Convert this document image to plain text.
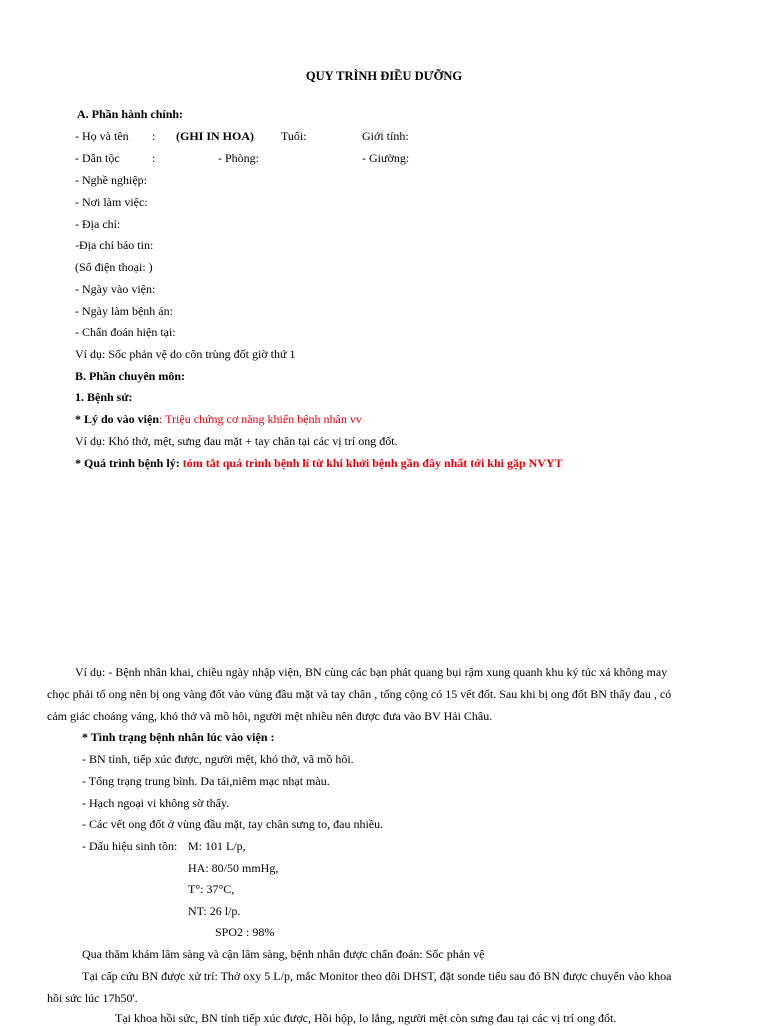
QUY TRÌNH ĐIỀU DƯỠNG
A. Phần hành chính:
- Họ và tên : (GHI IN HOA) Tuổi:	Giới tính:
- Dân tộc	:	- Phòng:	- Giường:
- Nghề nghiệp:
- Nơi làm việc:
- Địa chỉ:
-Địa chỉ báo tin:
(Số điện thoại: )
- Ngày vào viện:
- Ngày làm bệnh án:
- Chẩn đoán hiện tại:
Ví dụ: Sốc phản vệ do côn trùng đốt giờ thứ 1
B. Phần chuyên môn:
1. Bệnh sử:
* Lý do vào viện: Triệu chứng cơ năng khiến bệnh nhân vv
Ví dụ: Khó thở, mệt, sưng đau mặt + tay chân tại các vị trí ong đốt.
* Quá trình bệnh lý: tóm tắt quá trình bệnh lí từ khi khởi bệnh gần đây nhất tới khi gặp NVYT
Ví dụ: - Bệnh nhân khai, chiều ngày nhập viện, BN cùng các bạn phát quang bụi rậm xung quanh khu ký túc xá không may
chọc phải tổ ong nên bị ong vàng đốt vào vùng đầu mặt và tay chân , tổng cộng có 15 vết đốt. Sau khi bị ong đốt BN thấy đau , có
cảm giác choáng váng, khó thở vã mồ hôi, người mệt nhiều nên được đưa vào BV Hải Châu.
* Tình trạng bệnh nhân lúc vào viện :
- BN tỉnh, tiếp xúc được, người mệt, khó thở, vã mồ hôi.
- Tổng trạng trung bình. Da tái,niêm mạc nhạt màu.
- Hạch ngoại vi không sờ thấy.
- Các vết ong đốt ở vùng đầu mặt, tay chân sưng to, đau nhiều.
- Dấu hiệu sinh tồn: M: 101 L/p,
HA: 80/50 mmHg,
T°: 37°C,
NT: 26 l/p.
SPO2 : 98%
Qua thăm khám lâm sàng và cận lâm sàng, bệnh nhân được chẩn đoán: Sốc phản vệ
Tại cấp cứu BN được xử trí: Thở oxy 5 L/p, mắc Monitor theo dõi DHST, đặt sonde tiểu sau đó BN được chuyển vào khoa
hồi sức lúc 17h50'.
Tại khoa hồi sức, BN tỉnh tiếp xúc được, Hồi hộp, lo lắng, người mệt còn sưng đau tại các vị trí ong đốt.
